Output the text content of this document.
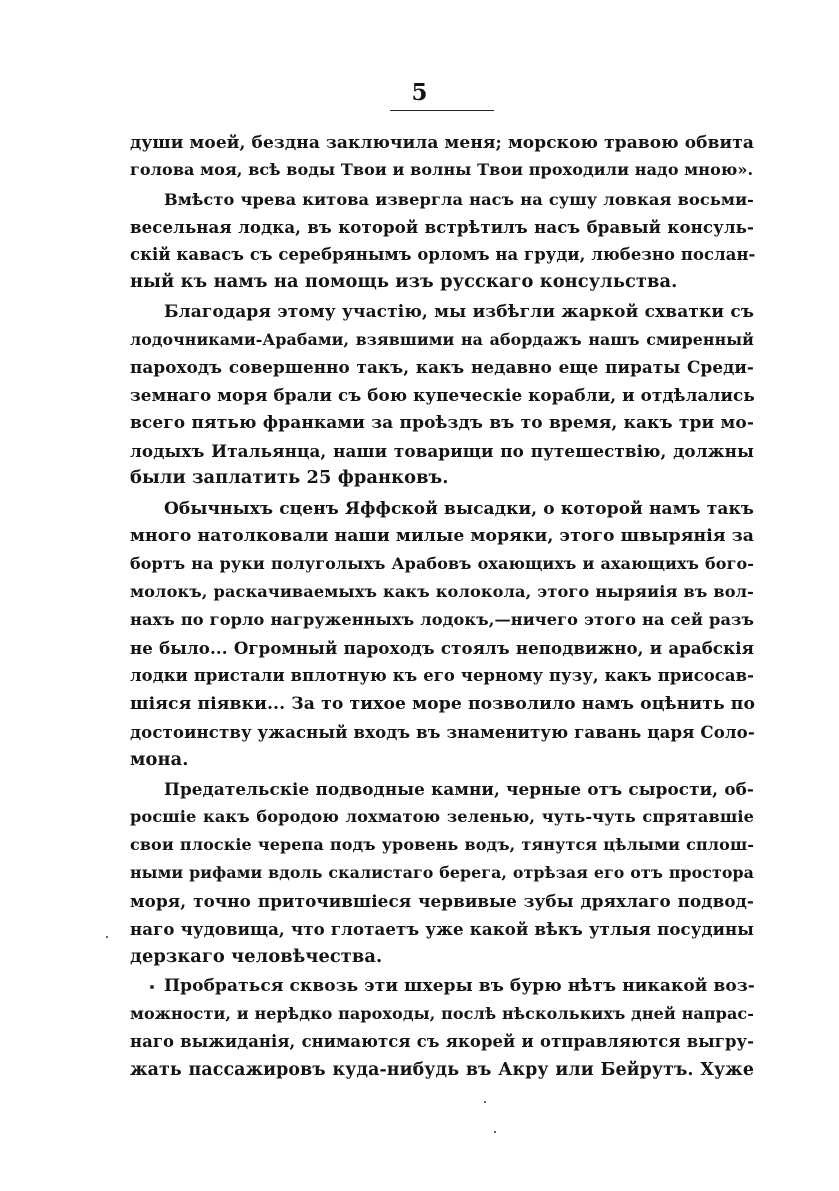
5
души моей, бездна заключила меня; морскою травою обвита
голова моя, всѣ воды Твои и волны Твои проходили надо мною».
Вмѣсто чрева китова извергла насъ на сушу ловкая восьми-
весельная лодка, въ которой встрѣтилъ насъ бравый консуль-
скій кавасъ съ серебрянымъ орломъ на груди, любезно послан-
ный къ намъ на помощь изъ русскаго консульства.
Благодаря этому участію, мы избѣгли жаркой схватки съ
лодочниками-Арабами, взявшими на абордажъ нашъ смиренный
пароходъ совершенно такъ, какъ недавно еще пираты Среди-
земнаго моря брали съ бою купеческіе корабли, и отдѣлались
всего пятью франками за проѣздъ въ то время, какъ три мо-
лодыхъ Итальянца, наши товарищи по путешествію, должны
были заплатить 25 франковъ.
Обычныхъ сценъ Яффской высадки, о которой намъ такъ
много натолковали наши милые моряки, этого швырянія за
бортъ на руки полуголыхъ Арабовъ охающихъ и ахающихъ бого-
молокъ, раскачиваемыхъ какъ колокола, этого ныряиія въ вол-
нахъ по горло нагруженныхъ лодокъ,—ничего этого на сей разъ
не было... Огромный пароходъ стоялъ неподвижно, и арабскія
лодки пристали вплотную къ его черному пузу, какъ присосав-
шіяся піявки... За то тихое море позволило намъ оцѣнить по
достоинству ужасный входъ въ знаменитую гавань царя Соло-
мона.
Предательскіе подводные камни, черные отъ сырости, об-
росшіе какъ бородою лохматою зеленью, чуть-чуть спрятавшіе
свои плоскіе черепа подъ уровень водъ, тянутся цѣлыми сплош-
ными рифами вдоль скалистаго берега, отрѣзая его отъ простора
моря, точно приточившіеся червивые зубы дряхлаго подвод-
наго чудовища, что глотаетъ уже какой вѣкъ утлыя посудины
дерзкаго человѣчества.
Пробраться сквозь эти шхеры въ бурю нѣтъ никакой воз-
можности, и нерѣдко пароходы, послѣ нѣсколькихъ дней напрас-
наго выжиданія, снимаются съ якорей и отправляются выгру-
жать пассажировъ куда-нибудь въ Акру или Бейрутъ. Хуже
